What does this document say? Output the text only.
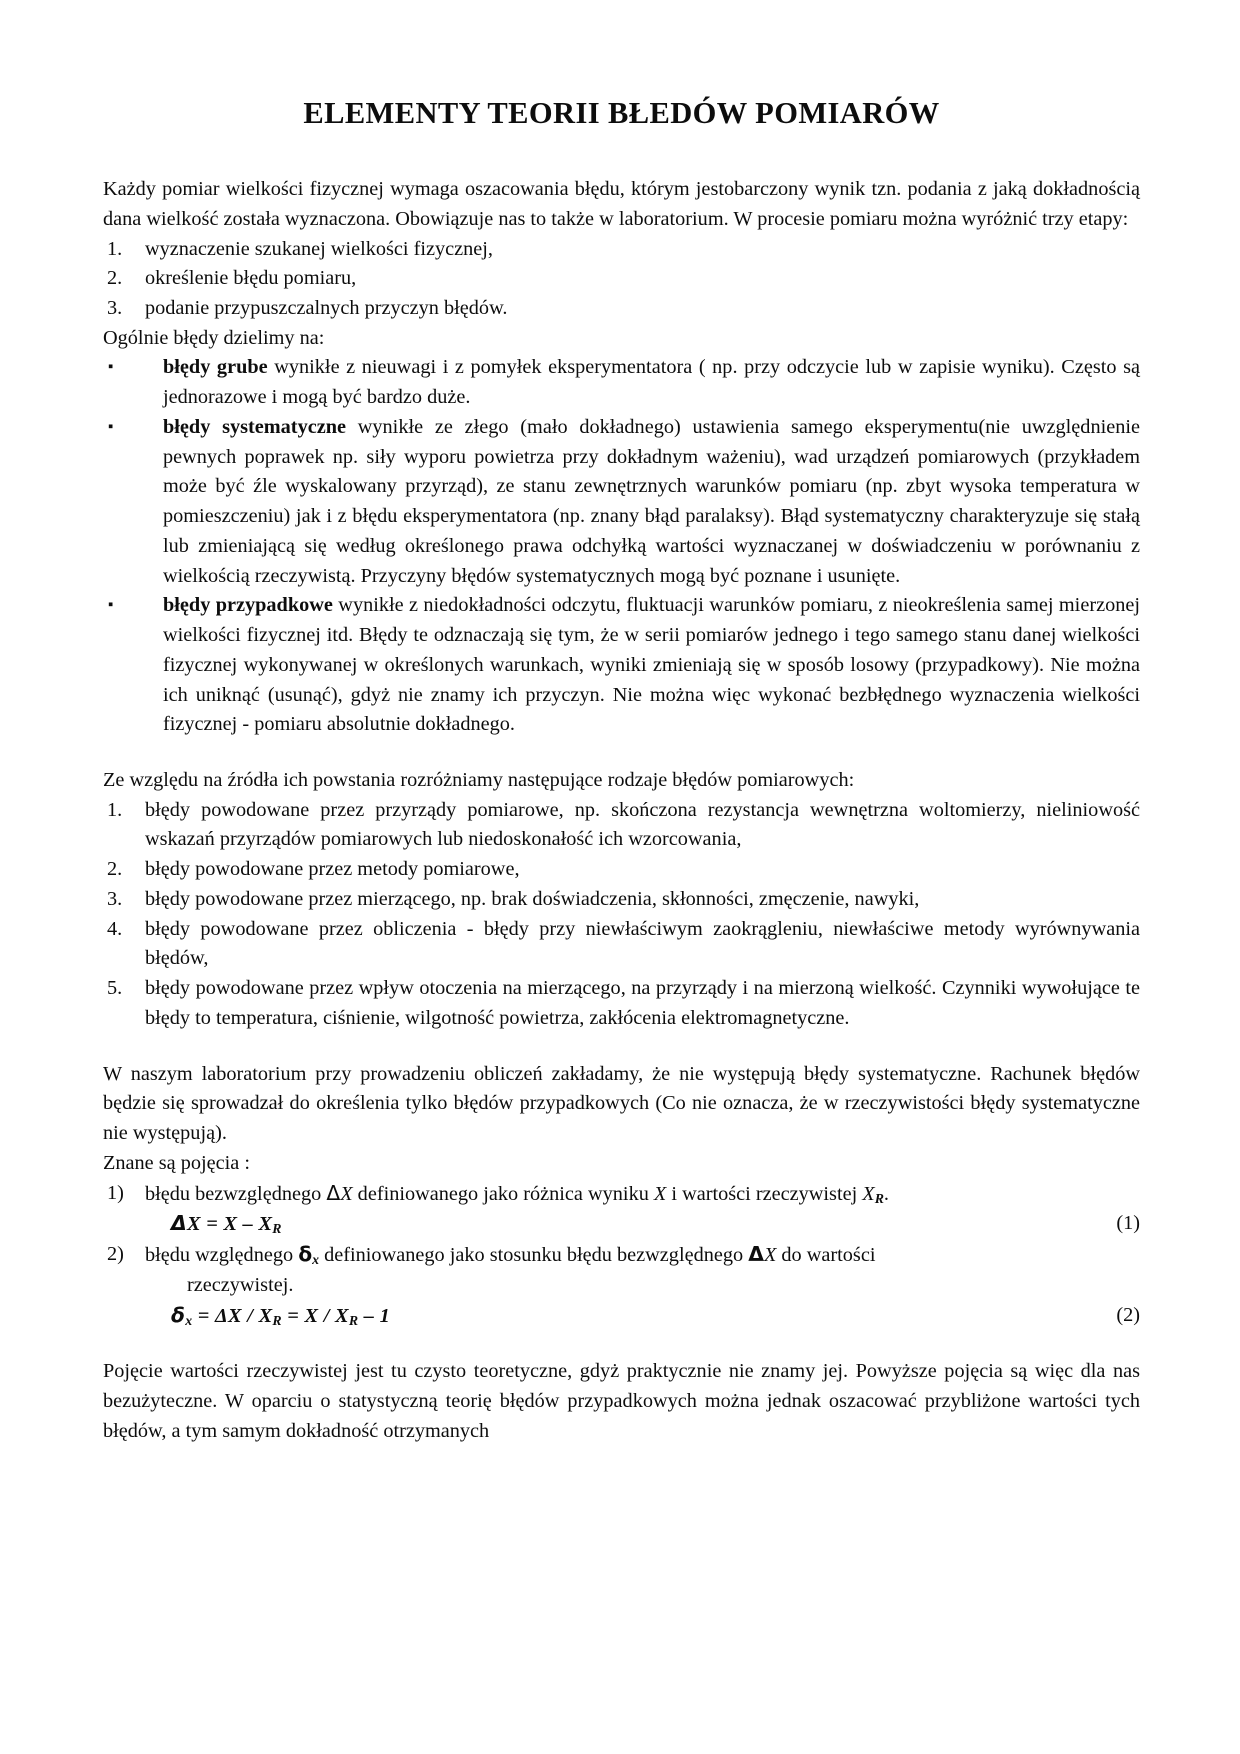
ELEMENTY TEORII BŁEDÓW POMIARÓW

Każdy pomiar wielkości fizycznej wymaga oszacowania błędu, którym jestobarczony wynik tzn. podania z jaką dokładnością dana wielkość została wyznaczona. Obowiązuje nas to także w laboratorium. W procesie pomiaru można wyróżnić trzy etapy:

1.	wyznaczenie szukanej wielkości fizycznej,
2.	określenie błędu pomiaru,
3.	podanie przypuszczalnych przyczyn błędów.

Ogólnie błędy dzielimy na:

▪ błędy grube wynikłe z nieuwagi i z pomyłek eksperymentatora ( np. przy odczycie lub w zapisie wyniku). Często są jednorazowe i mogą być bardzo duże.
▪ błędy systematyczne wynikłe ze złego (mało dokładnego) ustawienia samego eksperymentu(nie uwzględnienie pewnych poprawek np. siły wyporu powietrza przy dokładnym ważeniu), wad urządzeń pomiarowych (przykładem może być źle wyskalowany przyrząd), ze stanu zewnętrznych warunków pomiaru (np. zbyt wysoka temperatura w pomieszczeniu) jak i z błędu eksperymentatora (np. znany błąd paralaksy). Błąd systematyczny charakteryzuje się stałą lub zmieniającą się według określonego prawa odchyłką wartości wyznaczanej w doświadczeniu w porównaniu z wielkością rzeczywistą. Przyczyny błędów systematycznych mogą być poznane i usunięte.
▪ błędy przypadkowe wynikłe z niedokładności odczytu, fluktuacji warunków pomiaru, z nieokreślenia samej mierzonej wielkości fizycznej itd. Błędy te odznaczają się tym, że w serii pomiarów jednego i tego samego stanu danej wielkości fizycznej wykonywanej w określonych warunkach, wyniki zmieniają się w sposób losowy (przypadkowy). Nie można ich uniknąć (usunąć), gdyż nie znamy ich przyczyn. Nie można więc wykonać bezbłędnego wyznaczenia wielkości fizycznej - pomiaru absolutnie dokładnego.

Ze względu na źródła ich powstania rozróżniamy następujące rodzaje błędów pomiarowych:

1.	błędy powodowane przez przyrządy pomiarowe, np. skończona rezystancja wewnętrzna woltomierzy, nieliniowość wskazań przyrządów pomiarowych lub niedoskonałość ich wzorcowania,
2.	błędy powodowane przez metody pomiarowe,
3.	błędy powodowane przez mierzącego, np. brak doświadczenia, skłonności, zmęczenie, nawyki,
4.	błędy powodowane przez obliczenia - błędy przy niewłaściwym zaokrągleniu, niewłaściwe metody wyrównywania błędów,
5.	błędy powodowane przez wpływ otoczenia na mierzącego, na przyrządy i na mierzoną wielkość. Czynniki wywołujące te błędy to temperatura, ciśnienie, wilgotność powietrza, zakłócenia elektromagnetyczne.

W naszym laboratorium przy prowadzeniu obliczeń zakładamy, że nie występują błędy systematyczne. Rachunek błędów będzie się sprowadzał do określenia tylko błędów przypadkowych (Co nie oznacza, że w rzeczywistości błędy systematyczne nie występują).

Znane są pojęcia :

1)	błędu bezwzględnego ΔX definiowanego jako różnica wyniku X i wartości rzeczywistej $X_R$.
$\Delta X = X - X_R$	(1)
2)	błędu względnego $\delta_x$ definiowanego jako stosunku błędu bezwzględnego ΔX do wartości
rzeczywistej.
$\delta_x = \Delta X / X_R = X / X_R - 1$	(2)

Pojęcie wartości rzeczywistej jest tu czysto teoretyczne, gdyż praktycznie nie znamy jej. Powyższe pojęcia są więc dla nas bezużyteczne. W oparciu o statystyczną teorię błędów przypadkowych można jednak oszacować przybliżone wartości tych błędów, a tym samym dokładność otrzymanych
